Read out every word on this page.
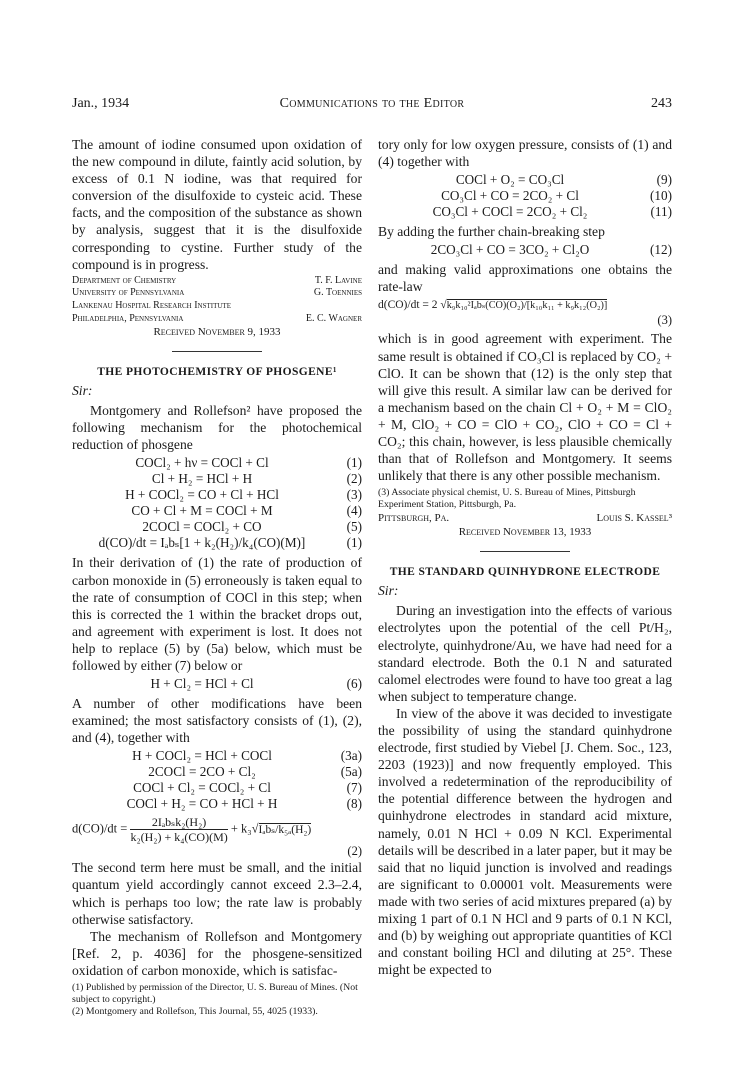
Jan., 1934	Communications to the Editor	243

The amount of iodine consumed upon oxidation of the new compound in dilute, faintly acid solution, by excess of 0.1 N iodine, was that required for conversion of the disulfoxide to cysteic acid. These facts, and the composition of the substance as shown by analysis, suggest that it is the disulfoxide corresponding to cystine. Further study of the compound is in progress.

Department of Chemistry	T. F. Lavine
University of Pennsylvania	G. Toennies
Lankenau Hospital Research Institute
Philadelphia, Pennsylvania	E. C. Wagner
Received November 9, 1933
THE PHOTOCHEMISTRY OF PHOSGENE¹
Sir:

Montgomery and Rollefson² have proposed the following mechanism for the photochemical reduction of phosgene

COCl₂ + hν = COCl + Cl	(1)
Cl + H₂ = HCl + H	(2)
H + COCl₂ = CO + Cl + HCl	(3)
CO + Cl + M = COCl + M	(4)
2COCl = COCl₂ + CO	(5)
d(CO)/dt = Iₐbₛ[1 + k₂(H₂)/k₄(CO)(M)]	(1)

In their derivation of (1) the rate of production of carbon monoxide in (5) erroneously is taken equal to the rate of consumption of COCl in this step; when this is corrected the 1 within the bracket drops out, and agreement with experiment is lost. It does not help to replace (5) by (5a) below, which must be followed by either (7) below or

H + Cl₂ = HCl + Cl	(6)

A number of other modifications have been examined; the most satisfactory consists of (1), (2), and (4), together with

H + COCl₂ = HCl + COCl	(3a)
2COCl = 2CO + Cl₂	(5a)
COCl + Cl₂ = COCl₂ + Cl	(7)
COCl + H₂ = CO + HCl + H	(8)
$d(CO)/dt = \frac{\text{2Iₐbₛk₂(H₂)}}{\text{k₂(H₂) + k₄(CO)(M)}} + k_3√I_ab_s/k_{5a}(H_2)$
(2)

The second term here must be small, and the initial quantum yield accordingly cannot exceed 2.3–2.4, which is perhaps too low; the rate law is probably otherwise satisfactory.

The mechanism of Rollefson and Montgomery [Ref. 2, p. 4036] for the phosgene-sensitized oxidation of carbon monoxide, which is satisfac-

(1) Published by permission of the Director, U. S. Bureau of Mines. (Not subject to copyright.)
(2) Montgomery and Rollefson, This Journal, 55, 4025 (1933).

tory only for low oxygen pressure, consists of (1) and (4) together with

COCl + O₂ = CO₃Cl	(9)
CO₃Cl + CO = 2CO₂ + Cl	(10)
CO₃Cl + COCl = 2CO₂ + Cl₂	(11)

By adding the further chain-breaking step

2CO₃Cl + CO = 3CO₂ + Cl₂O	(12)

and making valid approximations one obtains the rate-law

d(CO)/dt = 2 √k₉k₁₀²Iₐbₛ(CO)(O₂)/[k₁₀k₁₁ + k₉k₁₂(O₂)]
(3)

which is in good agreement with experiment. The same result is obtained if CO₃Cl is replaced by CO₂ + ClO. It can be shown that (12) is the only step that will give this result. A similar law can be derived for a mechanism based on the chain Cl + O₂ + M = ClO₂ + M, ClO₂ + CO = ClO + CO₂, ClO + CO = Cl + CO₂; this chain, however, is less plausible chemically than that of Rollefson and Montgomery. It seems unlikely that there is any other possible mechanism.

(3) Associate physical chemist, U. S. Bureau of Mines, Pittsburgh Experiment Station, Pittsburgh, Pa.
Pittsburgh, Pa.	Louis S. Kassel³
Received November 13, 1933
THE STANDARD QUINHYDRONE ELECTRODE
Sir:

During an investigation into the effects of various electrolytes upon the potential of the cell Pt/H₂, electrolyte, quinhydrone/Au, we have had need for a standard electrode. Both the 0.1 N and saturated calomel electrodes were found to have too great a lag when subject to temperature change.

In view of the above it was decided to investigate the possibility of using the standard quinhydrone electrode, first studied by Viebel [J. Chem. Soc., 123, 2203 (1923)] and now frequently employed. This involved a redetermination of the reproducibility of the potential difference between the hydrogen and quinhydrone electrodes in standard acid mixture, namely, 0.01 N HCl + 0.09 N KCl. Experimental details will be described in a later paper, but it may be said that no liquid junction is involved and readings are significant to 0.00001 volt. Measurements were made with two series of acid mixtures prepared (a) by mixing 1 part of 0.1 N HCl and 9 parts of 0.1 N KCl, and (b) by weighing out appropriate quantities of KCl and constant boiling HCl and diluting at 25°. These might be expected to
